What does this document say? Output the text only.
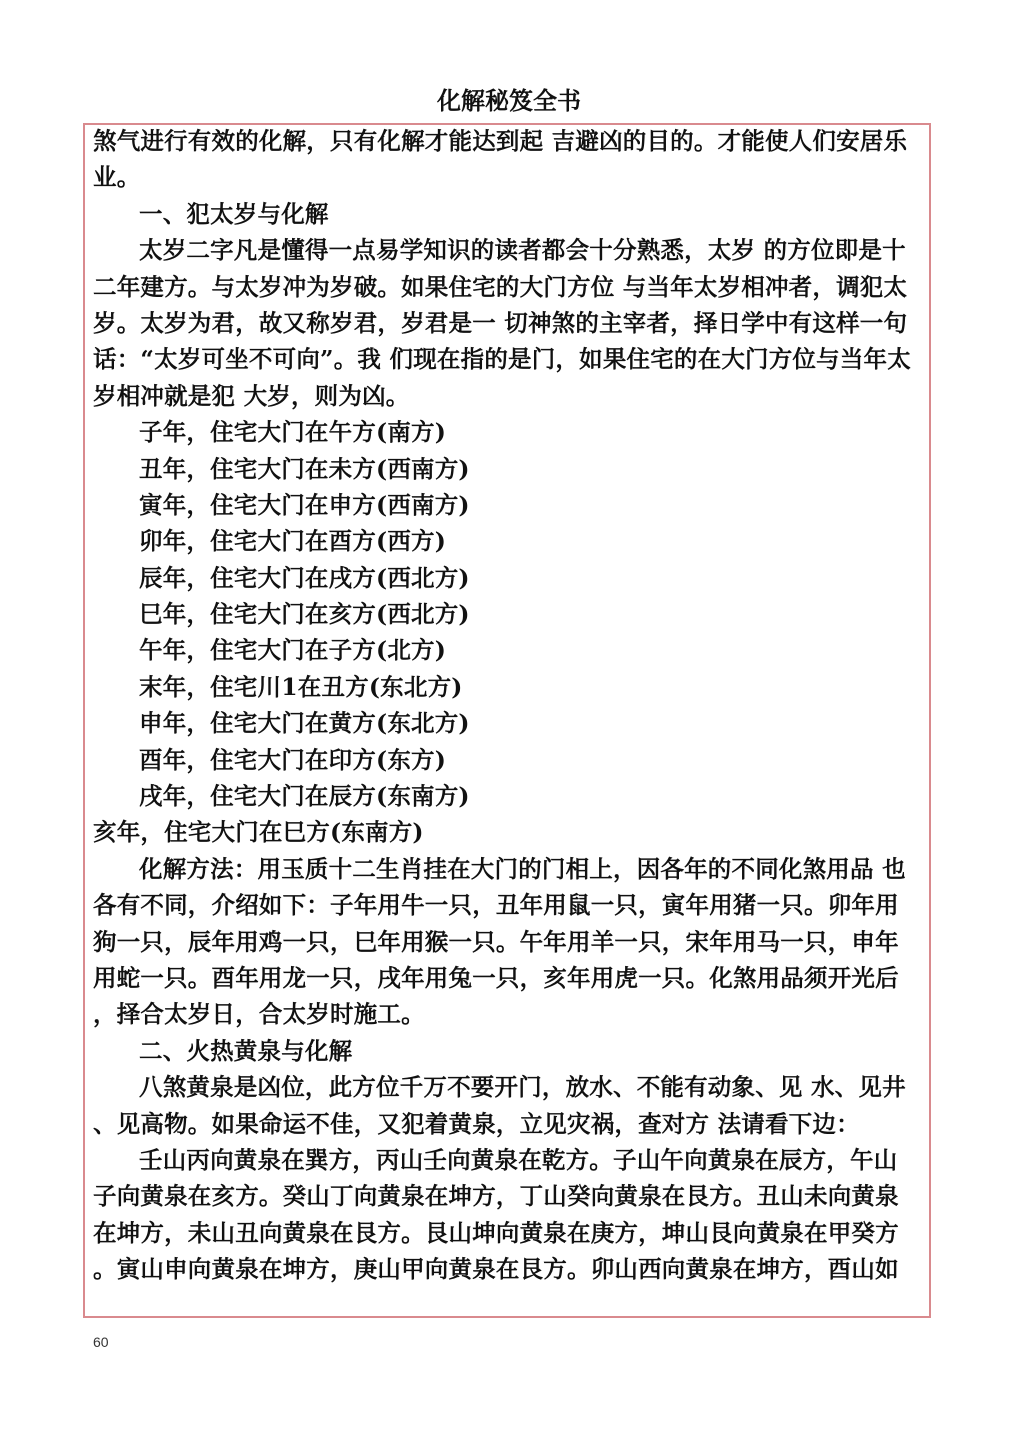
化解秘笈全书
煞气进行有效的化解，只有化解才能达到起 吉避凶的目的。才能使人们安居乐
业。
一、犯太岁与化解
太岁二字凡是懂得一点易学知识的读者都会十分熟悉，太岁 的方位即是十
二年建方。与太岁冲为岁破。如果住宅的大门方位 与当年太岁相冲者，调犯太
岁。太岁为君，故又称岁君，岁君是一 切神煞的主宰者，择日学中有这样一句
话：“太岁可坐不可向”。我 们现在指的是门，如果住宅的在大门方位与当年太
岁相冲就是犯 大岁，则为凶。
子年，住宅大门在午方(南方)
丑年，住宅大门在未方(西南方)
寅年，住宅大门在申方(西南方)
卯年，住宅大门在酉方(西方)
辰年，住宅大门在戌方(西北方)
巳年，住宅大门在亥方(西北方)
午年，住宅大门在子方(北方)
末年，住宅川1在丑方(东北方)
申年，住宅大门在黄方(东北方)
酉年，住宅大门在印方(东方)
戌年，住宅大门在辰方(东南方)
亥年，住宅大门在巳方(东南方)
化解方法：用玉质十二生肖挂在大门的门相上，因各年的不同化煞用品 也
各有不同，介绍如下：子年用牛一只，丑年用鼠一只，寅年用猪一只。卯年用
狗一只，辰年用鸡一只，巳年用猴一只。午年用羊一只，宋年用马一只，申年
用蛇一只。酉年用龙一只，戌年用兔一只，亥年用虎一只。化煞用品须开光后
，择合太岁日，合太岁时施工。
二、火热黄泉与化解
八煞黄泉是凶位，此方位千万不要开门，放水、不能有动象、见 水、见井
、见高物。如果命运不佳，又犯着黄泉，立见灾祸，查对方 法请看下边：
壬山丙向黄泉在巽方，丙山壬向黄泉在乾方。子山午向黄泉在辰方，午山
子向黄泉在亥方。癸山丁向黄泉在坤方，丁山癸向黄泉在艮方。丑山未向黄泉
在坤方，未山丑向黄泉在艮方。艮山坤向黄泉在庚方，坤山艮向黄泉在甲癸方
。寅山申向黄泉在坤方，庚山甲向黄泉在艮方。卯山西向黄泉在坤方，酉山如
60
